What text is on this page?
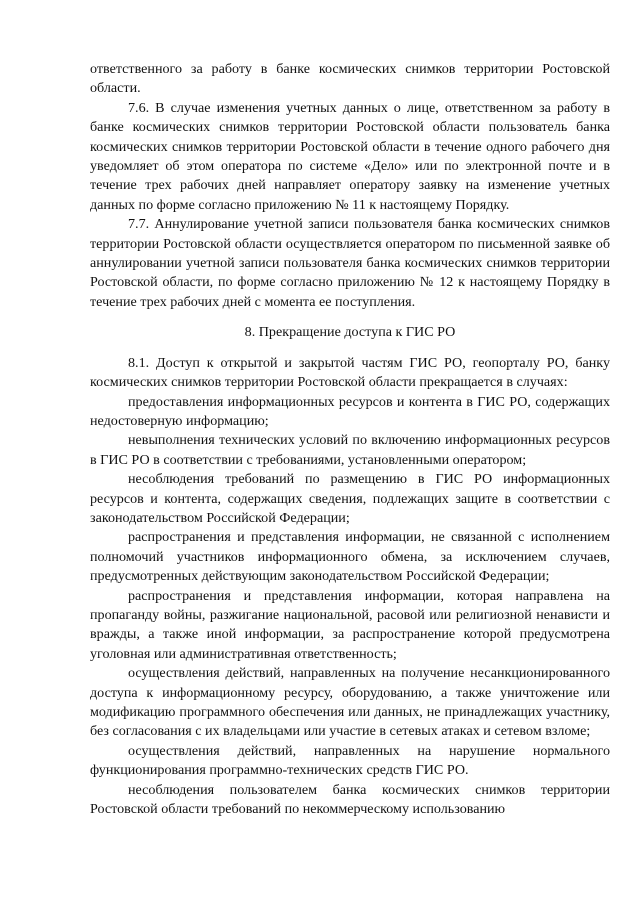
ответственного за работу в банке космических снимков территории Ростовской области.

7.6. В случае изменения учетных данных о лице, ответственном за работу в банке космических снимков территории Ростовской области пользователь банка космических снимков территории Ростовской области в течение одного рабочего дня уведомляет об этом оператора по системе «Дело» или по электронной почте и в течение трех рабочих дней направляет оператору заявку на изменение учетных данных по форме согласно приложению № 11 к настоящему Порядку.

7.7. Аннулирование учетной записи пользователя банка космических снимков территории Ростовской области осуществляется оператором по письменной заявке об аннулировании учетной записи пользователя банка космических снимков территории Ростовской области, по форме согласно приложению № 12 к настоящему Порядку в течение трех рабочих дней с момента ее поступления.

8. Прекращение доступа к ГИС РО

8.1. Доступ к открытой и закрытой частям ГИС РО, геопорталу РО, банку космических снимков территории Ростовской области прекращается в случаях:

предоставления информационных ресурсов и контента в ГИС РО, содержащих недостоверную информацию;

невыполнения технических условий по включению информационных ресурсов в ГИС РО в соответствии с требованиями, установленными оператором;

несоблюдения требований по размещению в ГИС РО информационных ресурсов и контента, содержащих сведения, подлежащих защите в соответствии с законодательством Российской Федерации;

распространения и представления информации, не связанной с исполнением полномочий участников информационного обмена, за исключением случаев, предусмотренных действующим законодательством Российской Федерации;

распространения и представления информации, которая направлена на пропаганду войны, разжигание национальной, расовой или религиозной ненависти и вражды, а также иной информации, за распространение которой предусмотрена уголовная или административная ответственность;

осуществления действий, направленных на получение несанкционированного доступа к информационному ресурсу, оборудованию, а также уничтожение или модификацию программного обеспечения или данных, не принадлежащих участнику, без согласования с их владельцами или участие в сетевых атаках и сетевом взломе;

осуществления действий, направленных на нарушение нормального функционирования программно-технических средств ГИС РО.

несоблюдения пользователем банка космических снимков территории Ростовской области требований по некоммерческому использованию
